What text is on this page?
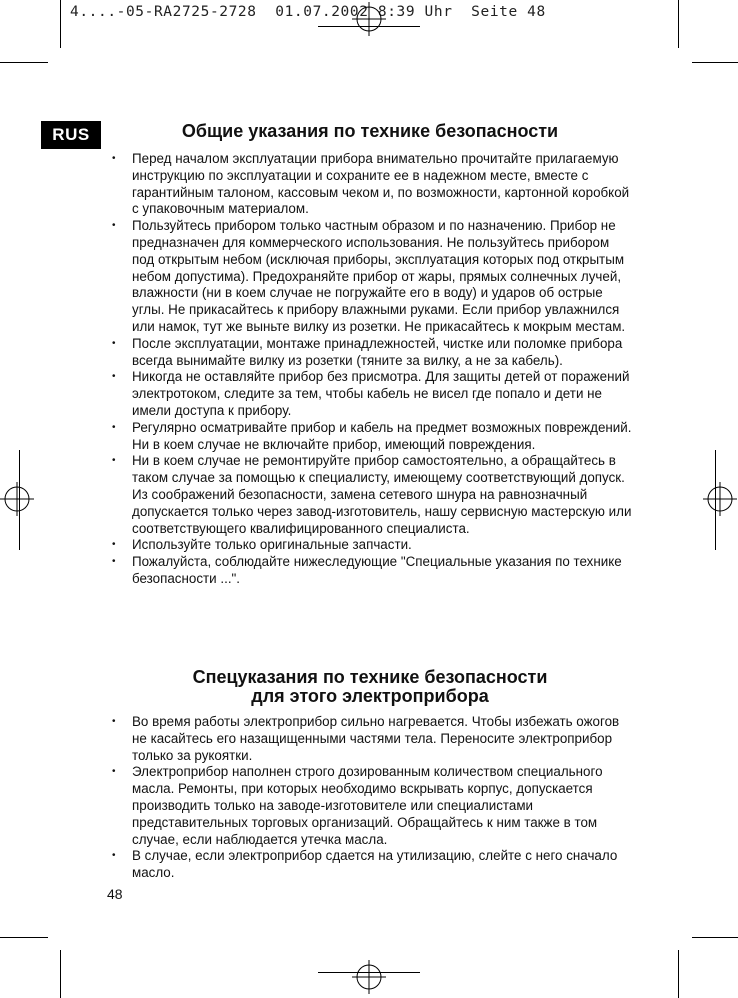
4....-05-RA2725-2728  01.07.2002 8:39 Uhr  Seite 48
RUS	Общие указания по технике безопасности
• Перед началом эксплуатации прибора внимательно прочитайте прилагаемую инструкцию по эксплуатации и сохраните ее в надежном месте, вместе с гарантийным талоном, кассовым чеком и, по возможности, картонной коробкой с упаковочным материалом.
• Пользуйтесь прибором только частным образом и по назначению. Прибор не предназначен для коммерческого использования. Не пользуйтесь прибором под открытым небом (исключая приборы, эксплуатация которых под открытым небом допустима). Предохраняйте прибор от жары, прямых солнечных лучей, влажности (ни в коем случае не погружайте его в воду) и ударов об острые углы. Не прикасайтесь к прибору влажными руками. Если прибор увлажнился или намок, тут же выньте вилку из розетки. Не прикасайтесь к мокрым местам.
• После эксплуатации, монтаже принадлежностей, чистке или поломке прибора всегда вынимайте вилку из розетки (тяните за вилку, а не за кабель).
• Никогда не оставляйте прибор без присмотра. Для защиты детей от поражений электротоком, следите за тем, чтобы кабель не висел где попало и дети не имели доступа к прибору.
• Регулярно осматривайте прибор и кабель на предмет возможных повреждений. Ни в коем случае не включайте прибор, имеющий повреждения.
• Ни в коем случае не ремонтируйте прибор самостоятельно, а обращайтесь в таком случае за помощью к специалисту, имеющему соответствующий допуск. Из соображений безопасности, замена сетевого шнура на равнозначный допускается только через завод-изготовитель, нашу сервисную мастерскую или соответствующего квалифицированного специалиста.
• Используйте только оригинальные запчасти.
• Пожалуйста, соблюдайте нижеследующие "Специальные указания по технике безопасности ...".
Спецуказания по технике безопасности
для этого электроприбора
• Во время работы электроприбор сильно нагревается. Чтобы избежать ожогов не касайтесь его назащищенными частями тела. Переносите электроприбор только за рукоятки.
• Электроприбор наполнен строго дозированным количеством специального масла. Ремонты, при которых необходимо вскрывать корпус, допускается производить только на заводе-изготовителе или специалистами представительных торговых организаций. Обращайтесь к ним также в том случае, если наблюдается утечка масла.
• В случае, если электроприбор сдается на утилизацию, слейте с него сначало масло.
48
